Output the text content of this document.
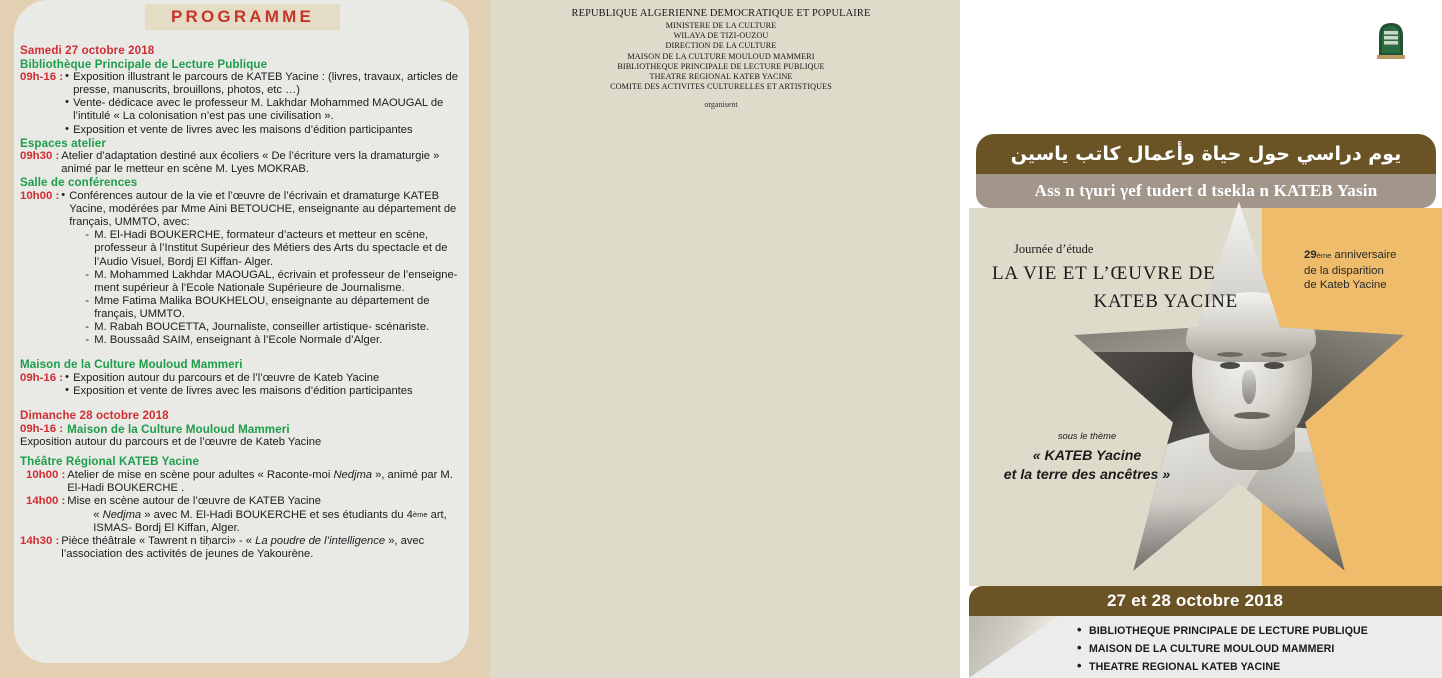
PROGRAMME
Samedi 27 octobre 2018
Bibliothèque Principale de Lecture Publique
09h-16 : • Exposition illustrant le parcours de KATEB Yacine : (livres, travaux, articles de presse, manuscrits, brouillons, photos, etc …)
• Vente- dédicace avec le professeur M. Lakhdar Mohammed MAOUGAL de l’intitulé « La colonisation n’est pas une civilisation ».
• Exposition et vente de livres avec les maisons d’édition participantes
Espaces atelier
09h30 : Atelier d’adaptation destiné aux écoliers « De l’écriture vers la dramaturgie » animé par le metteur en scène M. Lyes MOKRAB.
Salle de conférences
10h00 : • Conférences autour de la vie et l’œuvre de l’écrivain et dramaturge KATEB Yacine, modérées par Mme Aini BETOUCHE, enseignante au département de français, UMMTO, avec:
- M. El-Hadi BOUKERCHE, formateur d’acteurs et metteur en scène, professeur à l’Institut Supérieur des Métiers des Arts du spectacle et de l’Audio Visuel, Bordj El Kiffan- Alger.
- M. Mohammed Lakhdar MAOUGAL, écrivain et professeur de l’enseigne-ment supérieur à l’Ecole Nationale Supérieure de Journalisme.
- Mme Fatima Malika BOUKHELOU, enseignante au département de français, UMMTO.
- M. Rabah BOUCETTA, Journaliste, conseiller artistique- scénariste.
- M. Boussaâd SAIM, enseignant à l’Ecole Normale d’Alger.
Maison de la Culture Mouloud Mammeri
09h-16 : • Exposition autour du parcours et de l’l’œuvre de Kateb Yacine
• Exposition et vente de livres avec les maisons d’édition participantes
Dimanche 28 octobre 2018
09h-16 : Maison de la Culture Mouloud Mammeri
Exposition autour du parcours et de l’œuvre de Kateb Yacine
Théâtre Régional KATEB Yacine
10h00 : Atelier de mise en scène pour adultes « Raconte-moi Nedjma », animé par M. El-Hadi BOUKERCHE .
14h00 : Mise en scène autour de l’œuvre de KATEB Yacine
« Nedjma » avec M. El-Hadi BOUKERCHE et ses étudiants du 4ème art, ISMAS- Bordj El Kiffan, Alger.
14h30 : Pièce théâtrale « Tawrent n tiḥarci» - « La poudre de l’intelligence », avec l’association des activités de jeunes de Yakourène.
REPUBLIQUE ALGERIENNE DEMOCRATIQUE ET POPULAIRE
MINISTERE DE LA CULTURE
WILAYA DE TIZI-OUZOU
DIRECTION DE LA CULTURE
MAISON DE LA CULTURE MOULOUD MAMMERI
BIBLIOTHEQUE PRINCIPALE DE LECTURE PUBLIQUE
THEATRE REGIONAL KATEB YACINE
COMITE DES ACTIVITES CULTURELLES ET ARTISTIQUES
organisent
يوم دراسي حول حياة وأعمال كاتب ياسين
Ass n tγuri γef tudert d tsekla n KATEB Yasin
Journée d’étude
LA VIE ET L’ŒUVRE DE
KATEB YACINE
29ème anniversaire
de la disparition
de Kateb Yacine
sous le thème
« KATEB Yacine
et la terre des ancêtres »
27 et 28 octobre 2018
• BIBLIOTHEQUE PRINCIPALE DE LECTURE PUBLIQUE
• MAISON DE LA CULTURE MOULOUD MAMMERI
• THEATRE REGIONAL KATEB YACINE
